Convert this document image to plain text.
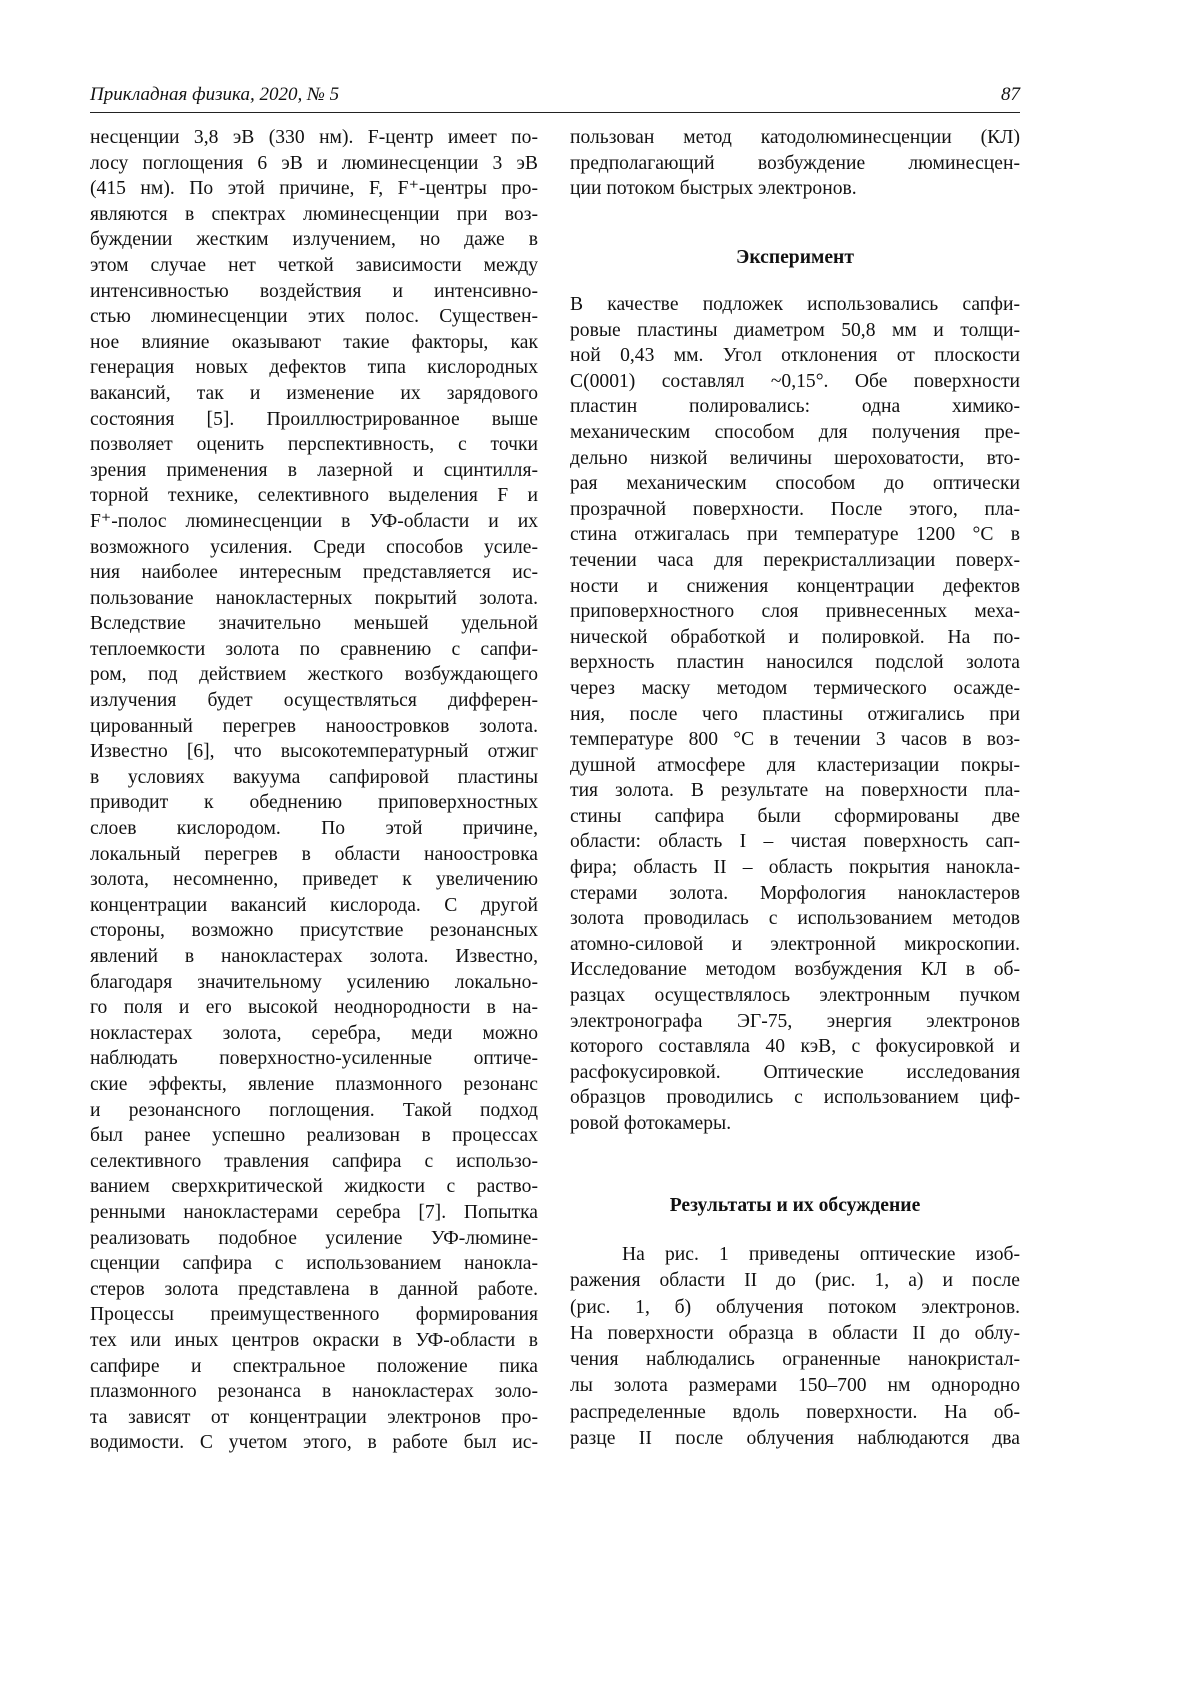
Прикладная физика, 2020, № 5	87
несценции 3,8 эВ (330 нм). F-центр имеет по-
лосу поглощения 6 эВ и люминесценции 3 эВ
(415 нм). По этой причине, F, F⁺-центры про-
являются в спектрах люминесценции при воз-
буждении жестким излучением, но даже в
этом случае нет четкой зависимости между
интенсивностью воздействия и интенсивно-
стью люминесценции этих полос. Существен-
ное влияние оказывают такие факторы, как
генерация новых дефектов типа кислородных
вакансий, так и изменение их зарядового
состояния [5]. Проиллюстрированное выше
позволяет оценить перспективность, с точки
зрения применения в лазерной и сцинтилля-
торной технике, селективного выделения F и
F⁺-полос люминесценции в УФ-области и их
возможного усиления. Среди способов усиле-
ния наиболее интересным представляется ис-
пользование нанокластерных покрытий золота.
Вследствие значительно меньшей удельной
теплоемкости золота по сравнению с сапфи-
ром, под действием жесткого возбуждающего
излучения будет осуществляться дифферен-
цированный перегрев наноостровков золота.
Известно [6], что высокотемпературный отжиг
в условиях вакуума сапфировой пластины
приводит к обеднению приповерхностных
слоев кислородом. По этой причине,
локальный перегрев в области наноостровка
золота, несомненно, приведет к увеличению
концентрации вакансий кислорода. С другой
стороны, возможно присутствие резонансных
явлений в нанокластерах золота. Известно,
благодаря значительному усилению локально-
го поля и его высокой неоднородности в на-
нокластерах золота, серебра, меди можно
наблюдать поверхностно-усиленные оптиче-
ские эффекты, явление плазмонного резонанс
и резонансного поглощения. Такой подход
был ранее успешно реализован в процессах
селективного травления сапфира с использо-
ванием сверхкритической жидкости с раство-
ренными нанокластерами серебра [7]. Попытка
реализовать подобное усиление УФ-люмине-
сценции сапфира с использованием нанокла-
стеров золота представлена в данной работе.
Процессы преимущественного формирования
тех или иных центров окраски в УФ-области в
сапфире и спектральное положение пика
плазмонного резонанса в нанокластерах золо-
та зависят от концентрации электронов про-
водимости. С учетом этого, в работе был ис-
пользован метод катодолюминесценции (КЛ)
предполагающий возбуждение люминесцен-
ции потоком быстрых электронов.
Эксперимент
В качестве подложек использовались сапфи-
ровые пластины диаметром 50,8 мм и толщи-
ной 0,43 мм. Угол отклонения от плоскости
С(0001) составлял ~0,15°. Обе поверхности
пластин полировались: одна химико-
механическим способом для получения пре-
дельно низкой величины шероховатости, вто-
рая механическим способом до оптически
прозрачной поверхности. После этого, пла-
стина отжигалась при температуре 1200 °С в
течении часа для перекристаллизации поверх-
ности и снижения концентрации дефектов
приповерхностного слоя привнесенных меха-
нической обработкой и полировкой. На по-
верхность пластин наносился подслой золота
через маску методом термического осажде-
ния, после чего пластины отжигались при
температуре 800 °С в течении 3 часов в воз-
душной атмосфере для кластеризации покры-
тия золота. В результате на поверхности пла-
стины сапфира были сформированы две
области: область I – чистая поверхность сап-
фира; область II – область покрытия нанокла-
стерами золота. Морфология нанокластеров
золота проводилась с использованием методов
атомно-силовой и электронной микроскопии.
Исследование методом возбуждения КЛ в об-
разцах осуществлялось электронным пучком
электронографа ЭГ-75, энергия электронов
которого составляла 40 кэВ, с фокусировкой и
расфокусировкой. Оптические исследования
образцов проводились с использованием циф-
ровой фотокамеры.
Результаты и их обсуждение
На рис. 1 приведены оптические изоб-
ражения области II до (рис. 1, а) и после
(рис. 1, б) облучения потоком электронов.
На поверхности образца в области II до облу-
чения наблюдались ограненные нанокристал-
лы золота размерами 150–700 нм однородно
распределенные вдоль поверхности. На об-
разце II после облучения наблюдаются два
